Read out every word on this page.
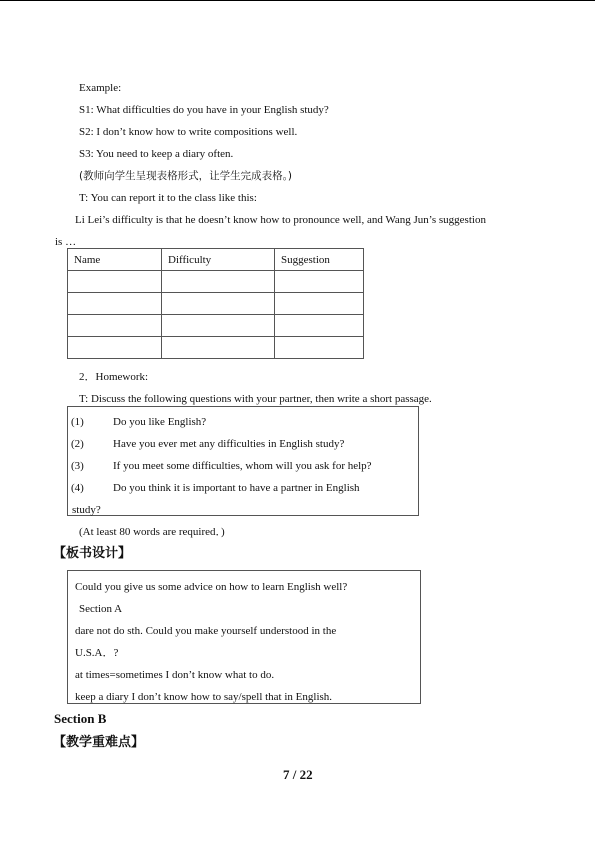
Example:
S1: What difficulties do you have in your English study?
S2: I don’t know how to write compositions well.
S3: You need to keep a diary often.
(教师向学生呈现表格形式，让学生完成表格。)
T: You can report it to the class like this:
Li Lei’s difficulty is that he doesn’t know how to pronounce well, and Wang Jun’s suggestion
is …
Name	Difficulty	Suggestion

2．Homework:
T: Discuss the following questions with your partner, then write a short passage.
(1)	Do you like English?
(2)	Have you ever met any difficulties in English study?
(3)	If you meet some difficulties, whom will you ask for help?
(4)	Do you think it is important to have a partner in English
study?
(At least 80 words are required．)
【板书设计】
Could you give us some advice on how to learn English well?
Section A
dare not do sth. Could you make yourself understood in the
U.S.A．?
at times=sometimes I don’t know what to do.
keep a diary I don’t know how to say/spell that in English.
Section B
【教学重难点】
7 / 22
